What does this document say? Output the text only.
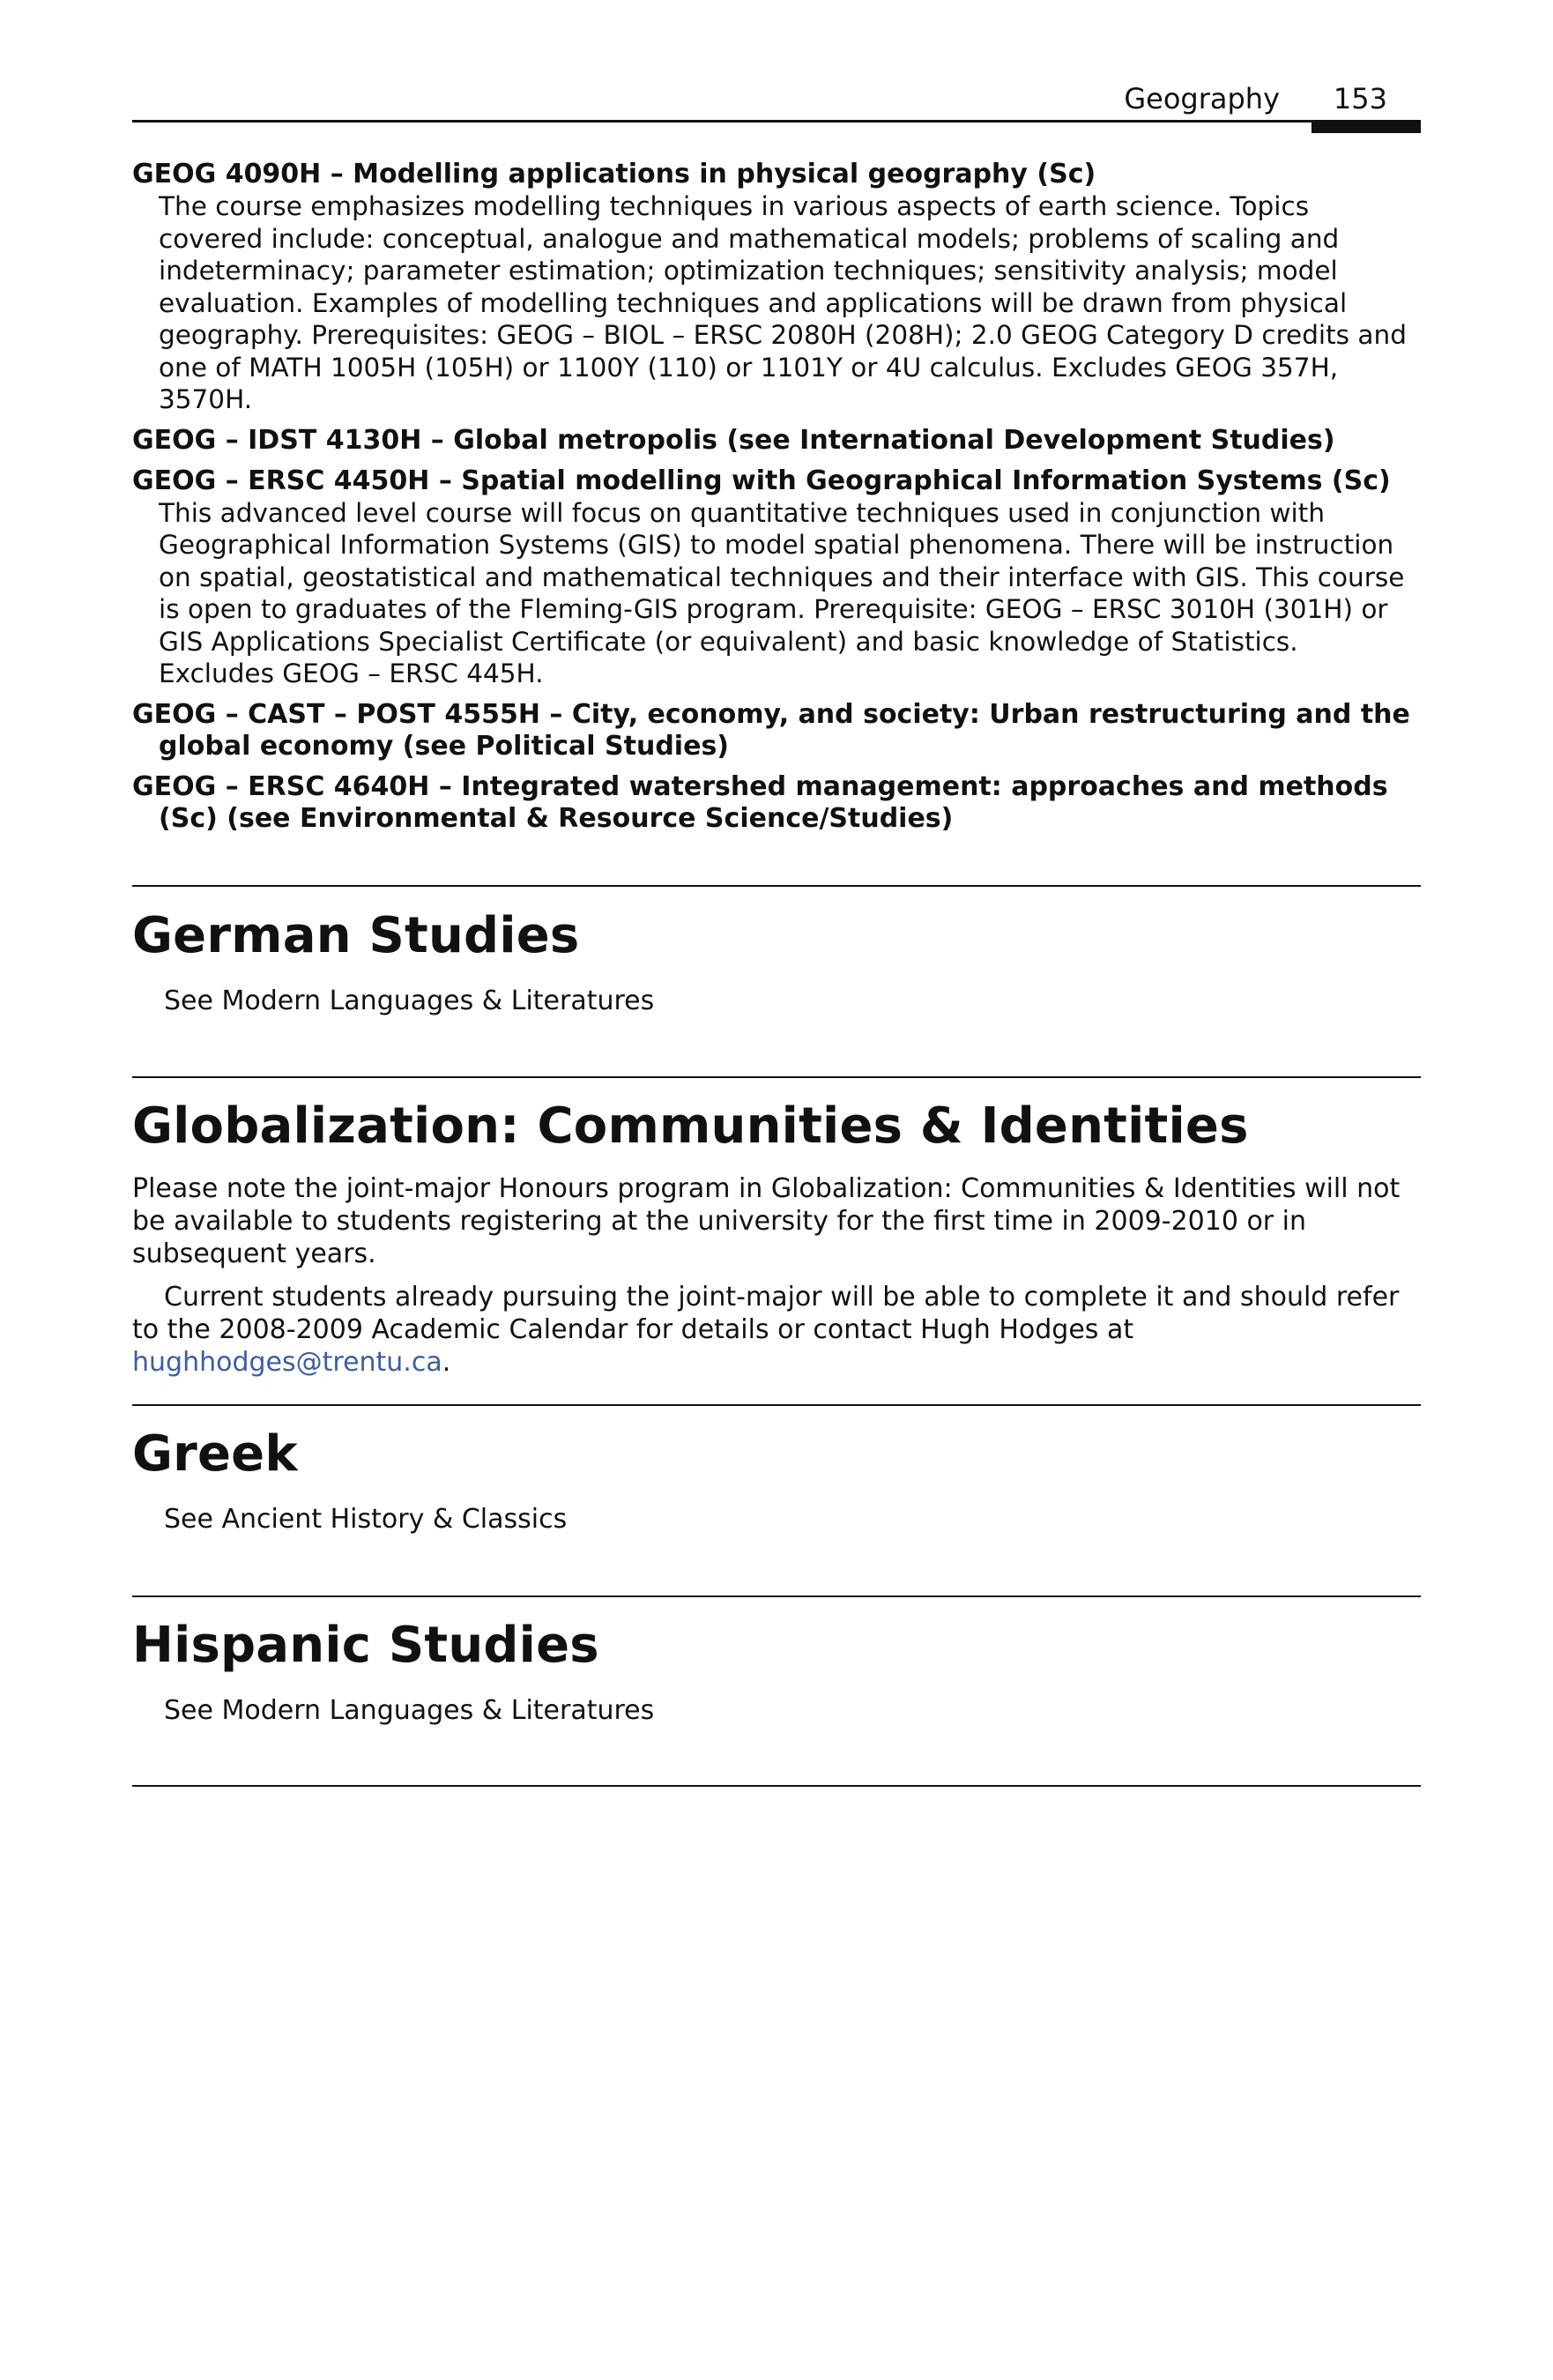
Geography 153

GEOG 4090H – Modelling applications in physical geography (Sc)

The course emphasizes modelling techniques in various aspects of earth science. Topics covered include: conceptual, analogue and mathematical models; problems of scaling and indeterminacy; parameter estimation; optimization techniques; sensitivity analysis; model evaluation. Examples of modelling techniques and applications will be drawn from physical geography. Prerequisites: GEOG – BIOL – ERSC 2080H (208H); 2.0 GEOG Category D credits and one of MATH 1005H (105H) or 1100Y (110) or 1101Y or 4U calculus. Excludes GEOG 357H, 3570H.

GEOG – IDST 4130H – Global metropolis (see International Development Studies)

GEOG – ERSC 4450H – Spatial modelling with Geographical Information Systems (Sc)

This advanced level course will focus on quantitative techniques used in conjunction with Geographical Information Systems (GIS) to model spatial phenomena. There will be instruction on spatial, geostatistical and mathematical techniques and their interface with GIS. This course is open to graduates of the Fleming-GIS program. Prerequisite: GEOG – ERSC 3010H (301H) or GIS Applications Specialist Certificate (or equivalent) and basic knowledge of Statistics. Excludes GEOG – ERSC 445H.

GEOG – CAST – POST 4555H – City, economy, and society: Urban restructuring and the global economy (see Political Studies)

GEOG – ERSC 4640H – Integrated watershed management: approaches and methods (Sc) (see Environmental & Resource Science/Studies)

German Studies
See Modern Languages & Literatures
Globalization: Communities & Identities

Please note the joint-major Honours program in Globalization: Communities & Identities will not be available to students registering at the university for the first time in 2009-2010 or in subsequent years.

Current students already pursuing the joint-major will be able to complete it and should refer to the 2008-2009 Academic Calendar for details or contact Hugh Hodges at hughhodges@trentu.ca.

Greek
See Ancient History & Classics
Hispanic Studies
See Modern Languages & Literatures
